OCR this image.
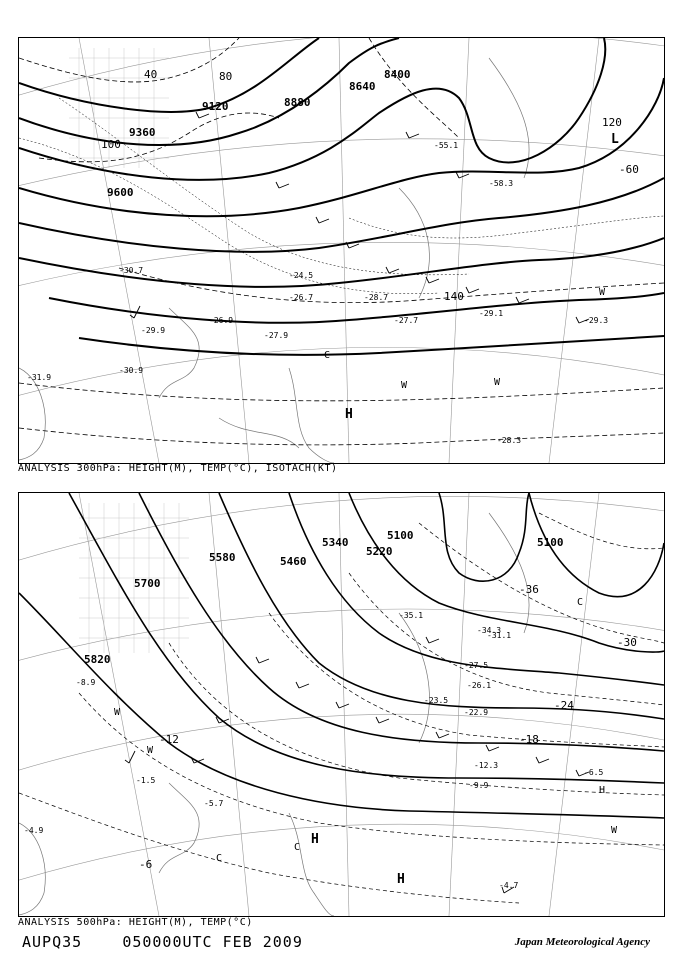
8400
8640
8880
9120
9360
9600
40	80
100
120
140
-60
-27.7
-28.7
-29.1
-29.3
-29.9
-28.3
-26.9
-27.9
-30.7
-31.9
-30.9
-24.5
-26.7
-58.3
-55.1	L
H
W
W
C
W
ANALYSIS 300hPa: HEIGHT(M), TEMP(°C), ISOTACH(KT)
5100
5100
5220
5340
5460
5580
5700
5820
-36
-30
-24
-18
-12
-6
-35.1
-34.3
-31.1
-27.5
-26.1
-23.5
-22.9
-12.3
-9.9
-8.9
-6.5
-5.7
-4.7
-4.9
-1.5
H
H
H
C
C
C
W
W
W
ANALYSIS 500hPa: HEIGHT(M), TEMP(°C)
AUPQ35	050000UTC FEB 2009	Japan Meteorological Agency
